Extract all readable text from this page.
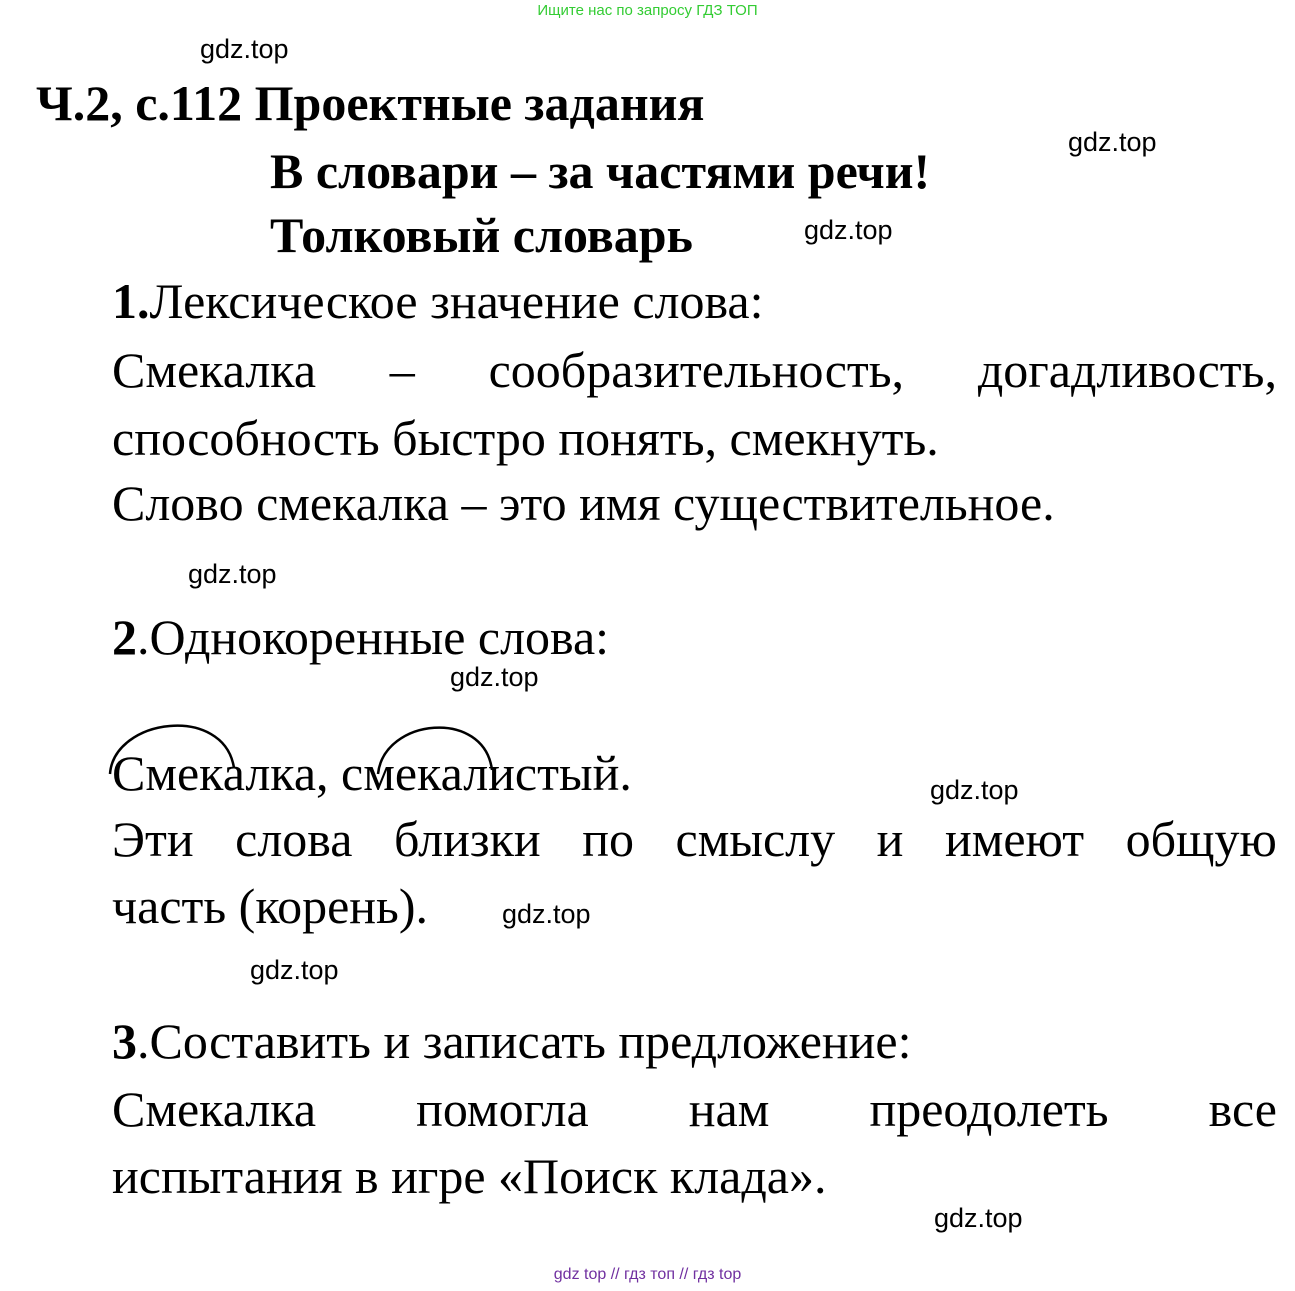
Ищите нас по запросу ГДЗ ТОП
gdz.top
Ч.2, с.112 Проектные задания
gdz.top
В словари – за частями речи!
Толковый словарь	gdz.top
1.Лексическое значение слова:
Смекалка – сообразительность, догадливость,
способность быстро понять, смекнуть.
Слово смекалка – это имя существительное.
gdz.top
2.Однокоренные слова:
gdz.top
Смекалка, смекалистый.	gdz.top
Эти слова близки по смыслу и имеют общую
часть (корень).	gdz.top
gdz.top
3.Составить и записать предложение:
Смекалка помогла нам преодолеть все
испытания в игре «Поиск клада».
gdz.top
gdz top // гдз топ // гдз top
